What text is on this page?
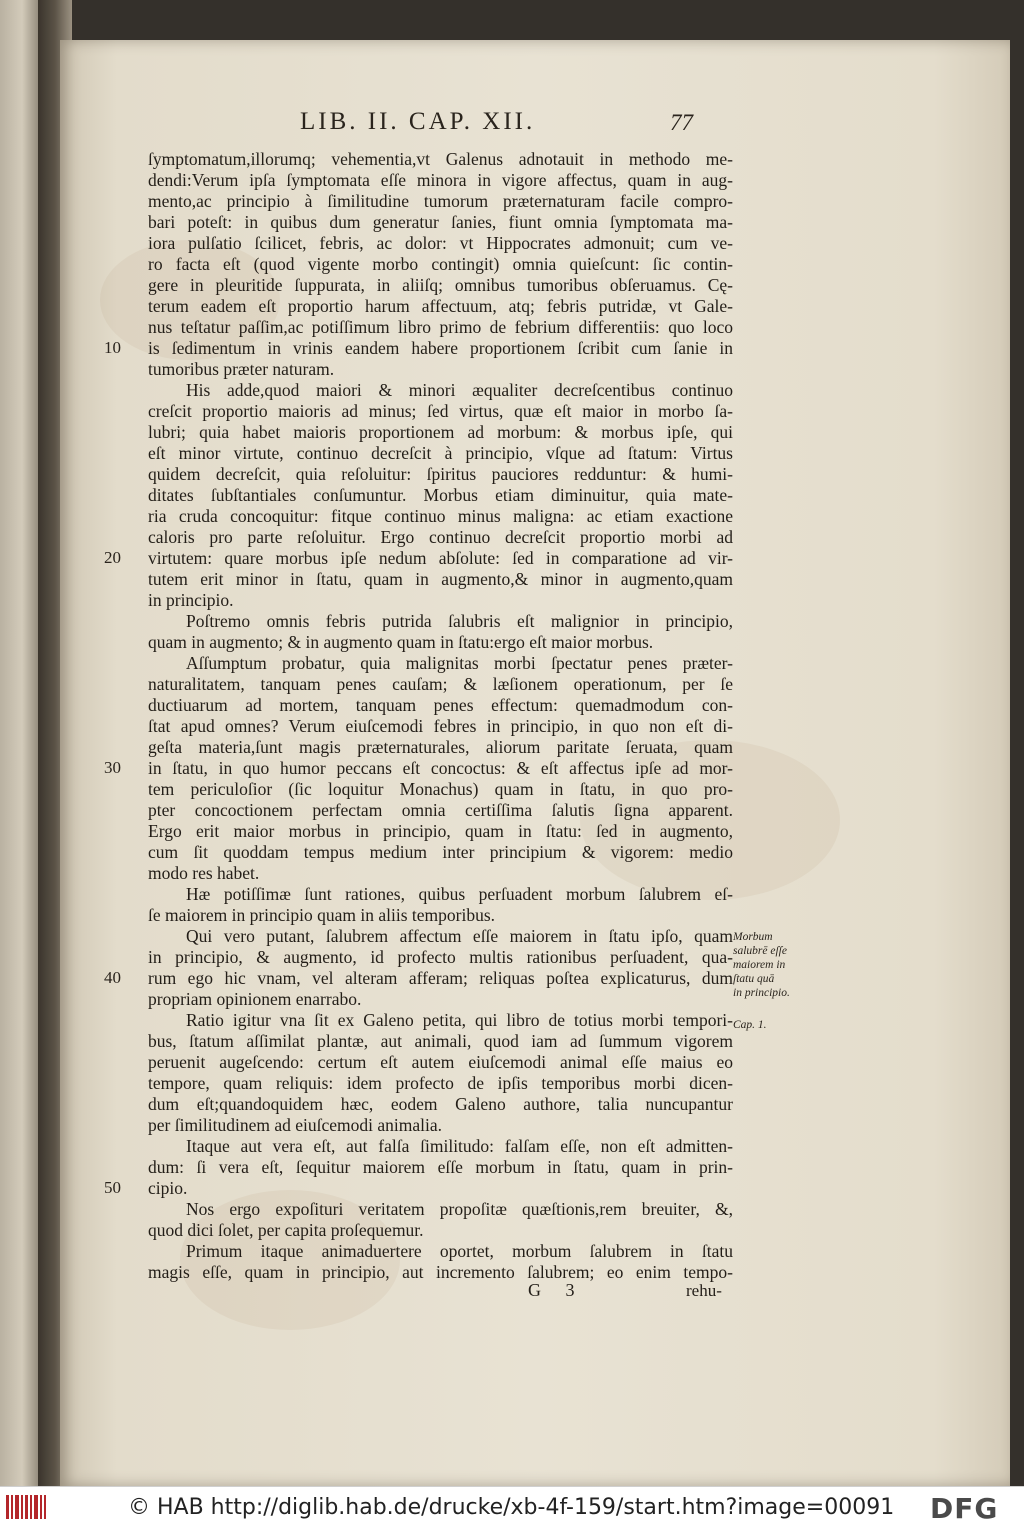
LIB. II. CAP. XII.	77
ſymptomatum,illorumq; vehementia,vt Galenus adnotauit in methodo me-
dendi:Verum ipſa ſymptomata eſſe minora in vigore affectus, quam in aug-
mento,ac principio à ſimilitudine tumorum præternaturam facile compro-
bari poteſt: in quibus dum generatur ſanies, fiunt omnia ſymptomata ma-
iora pulſatio ſcilicet, febris, ac dolor: vt Hippocrates admonuit; cum ve-
ro facta eſt (quod vigente morbo contingit) omnia quieſcunt: ſic contin-
gere in pleuritide ſuppurata, in aliiſq; omnibus tumoribus obſeruamus. Cę-
terum eadem eſt proportio harum affectuum, atq; febris putridæ, vt Gale-
nus teſtatur paſſim,ac potiſſimum libro primo de febrium differentiis: quo loco
is ſedimentum in vrinis eandem habere proportionem ſcribit cum ſanie in
tumoribus præter naturam.
His adde,quod maiori & minori æqualiter decreſcentibus continuo
creſcit proportio maioris ad minus; ſed virtus, quæ eſt maior in morbo ſa-
lubri; quia habet maioris proportionem ad morbum: & morbus ipſe, qui
eſt minor virtute, continuo decreſcit à principio, vſque ad ſtatum: Virtus
quidem decreſcit, quia reſoluitur: ſpiritus pauciores redduntur: & humi-
ditates ſubſtantiales conſumuntur. Morbus etiam diminuitur, quia mate-
ria cruda concoquitur: fitque continuo minus maligna: ac etiam exactione
caloris pro parte reſoluitur. Ergo continuo decreſcit proportio morbi ad
virtutem: quare morbus ipſe nedum abſolute: ſed in comparatione ad vir-
tutem erit minor in ſtatu, quam in augmento,& minor in augmento,quam
in principio.
Poſtremo omnis febris putrida ſalubris eſt malignior in principio,
quam in augmento; & in augmento quam in ſtatu:ergo eſt maior morbus.
Aſſumptum probatur, quia malignitas morbi ſpectatur penes præter-
naturalitatem, tanquam penes cauſam; & læſionem operationum, per ſe
ductiuarum ad mortem, tanquam penes effectum: quemadmodum con-
ſtat apud omnes? Verum eiuſcemodi febres in principio, in quo non eſt di-
geſta materia,ſunt magis præternaturales, aliorum paritate ſeruata, quam
in ſtatu, in quo humor peccans eſt concoctus: & eſt affectus ipſe ad mor-
tem periculoſior (ſic loquitur Monachus) quam in ſtatu, in quo pro-
pter concoctionem perfectam omnia certiſſima ſalutis ſigna apparent.
Ergo erit maior morbus in principio, quam in ſtatu: ſed in augmento,
cum ſit quoddam tempus medium inter principium & vigorem: medio
modo res habet.
Hæ potiſſimæ ſunt rationes, quibus perſuadent morbum ſalubrem eſ-
ſe maiorem in principio quam in aliis temporibus.
Qui vero putant, ſalubrem affectum eſſe maiorem in ſtatu ipſo, quam
in principio, & augmento, id profecto multis rationibus perſuadent, qua-
rum ego hic vnam, vel alteram afferam; reliquas poſtea explicaturus, dum
propriam opinionem enarrabo.
Ratio igitur vna ſit ex Galeno petita, qui libro de totius morbi tempori-
bus, ſtatum aſſimilat plantæ, aut animali, quod iam ad ſummum vigorem
peruenit augeſcendo: certum eſt autem eiuſcemodi animal eſſe maius eo
tempore, quam reliquis: idem profecto de ipſis temporibus morbi dicen-
dum eſt;quandoquidem hæc, eodem Galeno authore, talia nuncupantur
per ſimilitudinem ad eiuſcemodi animalia.
Itaque aut vera eſt, aut falſa ſimilitudo: falſam eſſe, non eſt admitten-
dum: ſi vera eſt, ſequitur maiorem eſſe morbum in ſtatu, quam in prin-
cipio.
Nos ergo expoſituri veritatem propoſitæ quæſtionis,rem breuiter, &,
quod dici ſolet, per capita proſequemur.
Primum itaque animaduertere oportet, morbum ſalubrem in ſtatu
magis eſſe, quam in principio, aut incremento ſalubrem; eo enim tempo-
10
20
30
40
50
Morbum
salubrē eſſe
maiorem in
ſtatu quā
in principio.
Cap. 1.
G 3	rehu-
© HAB http://diglib.hab.de/drucke/xb-4f-159/start.htm?image=00091 DFG
